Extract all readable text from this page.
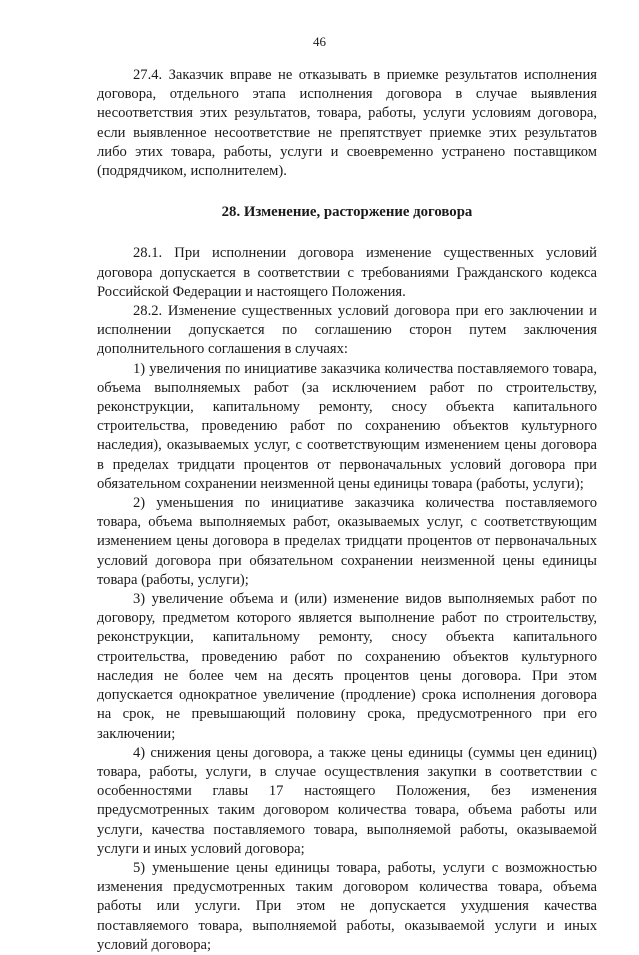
46

27.4. Заказчик вправе не отказывать в приемке результатов исполнения договора, отдельного этапа исполнения договора в случае выявления несоответствия этих результатов, товара, работы, услуги условиям договора, если выявленное несоответствие не препятствует приемке этих результатов либо этих товара, работы, услуги и своевременно устранено поставщиком (подрядчиком, исполнителем).

28. Изменение, расторжение договора

28.1. При исполнении договора изменение существенных условий договора допускается в соответствии с требованиями Гражданского кодекса Российской Федерации и настоящего Положения.

28.2. Изменение существенных условий договора при его заключении и исполнении допускается по соглашению сторон путем заключения дополнительного соглашения в случаях:

1) увеличения по инициативе заказчика количества поставляемого товара, объема выполняемых работ (за исключением работ по строительству, реконструкции, капитальному ремонту, сносу объекта капитального строительства, проведению работ по сохранению объектов культурного наследия), оказываемых услуг, с соответствующим изменением цены договора в пределах тридцати процентов от первоначальных условий договора при обязательном сохранении неизменной цены единицы товара (работы, услуги);

2) уменьшения по инициативе заказчика количества поставляемого товара, объема выполняемых работ, оказываемых услуг, с соответствующим изменением цены договора в пределах тридцати процентов от первоначальных условий договора при обязательном сохранении неизменной цены единицы товара (работы, услуги);

3) увеличение объема и (или) изменение видов выполняемых работ по договору, предметом которого является выполнение работ по строительству, реконструкции, капитальному ремонту, сносу объекта капитального строительства, проведению работ по сохранению объектов культурного наследия не более чем на десять процентов цены договора. При этом допускается однократное увеличение (продление) срока исполнения договора на срок, не превышающий половину срока, предусмотренного при его заключении;

4) снижения цены договора, а также цены единицы (суммы цен единиц) товара, работы, услуги, в случае осуществления закупки в соответствии с особенностями главы 17 настоящего Положения, без изменения предусмотренных таким договором количества товара, объема работы или услуги, качества поставляемого товара, выполняемой работы, оказываемой услуги и иных условий договора;

5) уменьшение цены единицы товара, работы, услуги с возможностью изменения предусмотренных таким договором количества товара, объема работы или услуги. При этом не допускается ухудшения качества поставляемого товара, выполняемой работы, оказываемой услуги и иных условий договора;
